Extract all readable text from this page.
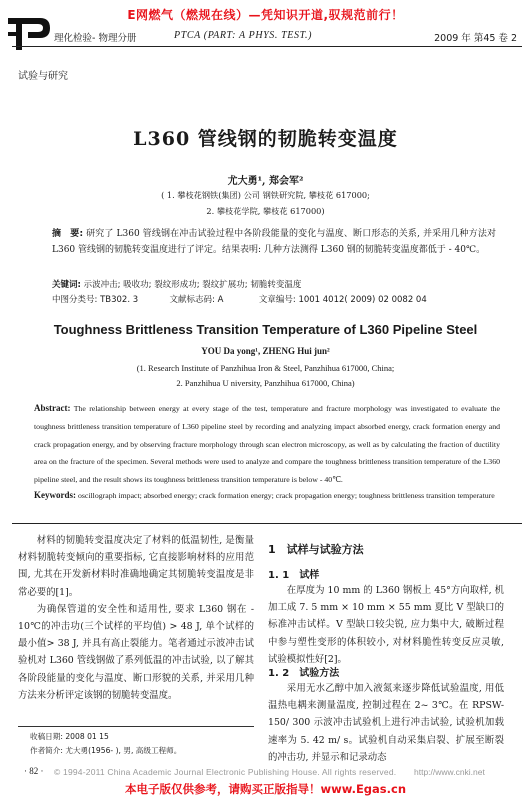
E网燃气（燃规在线）—凭知识开道,驭规范前行！
理化检验- 物理分册	PTCA (PART: A PHYS. TEST.)	2009 年 第45 卷 2
试验与研究
L360 管线钢的韧脆转变温度
尤大勇¹, 郑会军²
( 1. 攀枝花钢铁(集团) 公司 钢铁研究院, 攀枝花 617000;
2. 攀枝花学院, 攀枝花 617000)
摘　要: 研究了 L360 管线钢在冲击试验过程中各阶段能量的变化与温度、断口形态的关系, 并采用几种方法对 L360 管线钢的韧脆转变温度进行了评定。结果表明: 几种方法测得 L360 钢的韧脆转变温度都低于 - 40℃。
关键词: 示波冲击; 吸收功; 裂纹形成功; 裂纹扩展功; 韧脆转变温度
中图分类号: TB302. 3	文献标志码: A	文章编号: 1001 4012( 2009) 02 0082 04
Toughness Brittleness Transition Temperature of L360 Pipeline Steel
YOU Da yong¹, ZHENG Hui jun²
(1. Research Institute of Panzhihua Iron & Steel, Panzhihua 617000, China;
2. Panzhihua U niversity, Panzhihua 617000, China)
Abstract: The relationship between energy at every stage of the test, temperature and fracture morphology was investigated to evaluate the toughness brittleness transition temperature of L360 pipeline steel by recording and analyzing impact absorbed energy, crack formation energy and crack propagation energy, and by observing fracture morphology through scan electron microscopy, as well as by calculating the fraction of ductility area on the fracture of the specimen. Several methods were used to analyze and compare the toughness brittleness transition temperature of the L360 pipeline steel, and the result shows its toughness brittleness transition temperature is below - 40℃.
Keywords: oscillograph impact; absorbed energy; crack formation energy; crack propagation energy; toughness brittleness transition temperature

材料的韧脆转变温度决定了材料的低温韧性, 是衡量材料韧脆转变倾向的重要指标, 它直接影响材料的应用范围, 尤其在开发新材料时准确地确定其韧脆转变温度是非常必要的[1]。

为确保管道的安全性和适用性, 要求 L360 钢在 - 10℃的冲击功(三个试样的平均值) > 48 J, 单个试样的最小值> 38 J, 并具有高止裂能力。笔者通过示波冲击试验机对 L360 管线钢做了系列低温的冲击试验, 以了解其各阶段能量的变化与温度、断口形貌的关系, 并采用几种方法来分析评定该钢的韧脆转变温度。

1　试样与试验方法
1. 1　试样

在厚度为 10 mm 的 L360 钢板上 45°方向取样, 机加工成 7. 5 mm × 10 mm × 55 mm 夏比 V 型缺口的标准冲击试样。V 型缺口较尖锐, 应力集中大, 破断过程中参与塑性变形的体积较小, 对材料脆性转变反应灵敏, 试验模拟性好[2]。

1. 2　试验方法

采用无水乙醇中加入液氮来逐步降低试验温度, 用低温热电耦来测量温度, 控制过程在 2~ 3℃。在 RPSW- 150/ 300 示波冲击试验机上进行冲击试验, 试验机加载速率为 5. 42 m/ s。试验机自动采集启裂、扩展至断裂的冲击功, 并显示和记录动态

收稿日期: 2008 01 15
作者简介: 尤大勇(1956- ), 男, 高级工程师。
· 82 · © 1994-2011 China Academic Journal Electronic Publishing House. All rights reserved. http://www.cnki.net
本电子版仅供参考，请购买正版指导！www.Egas.cn
